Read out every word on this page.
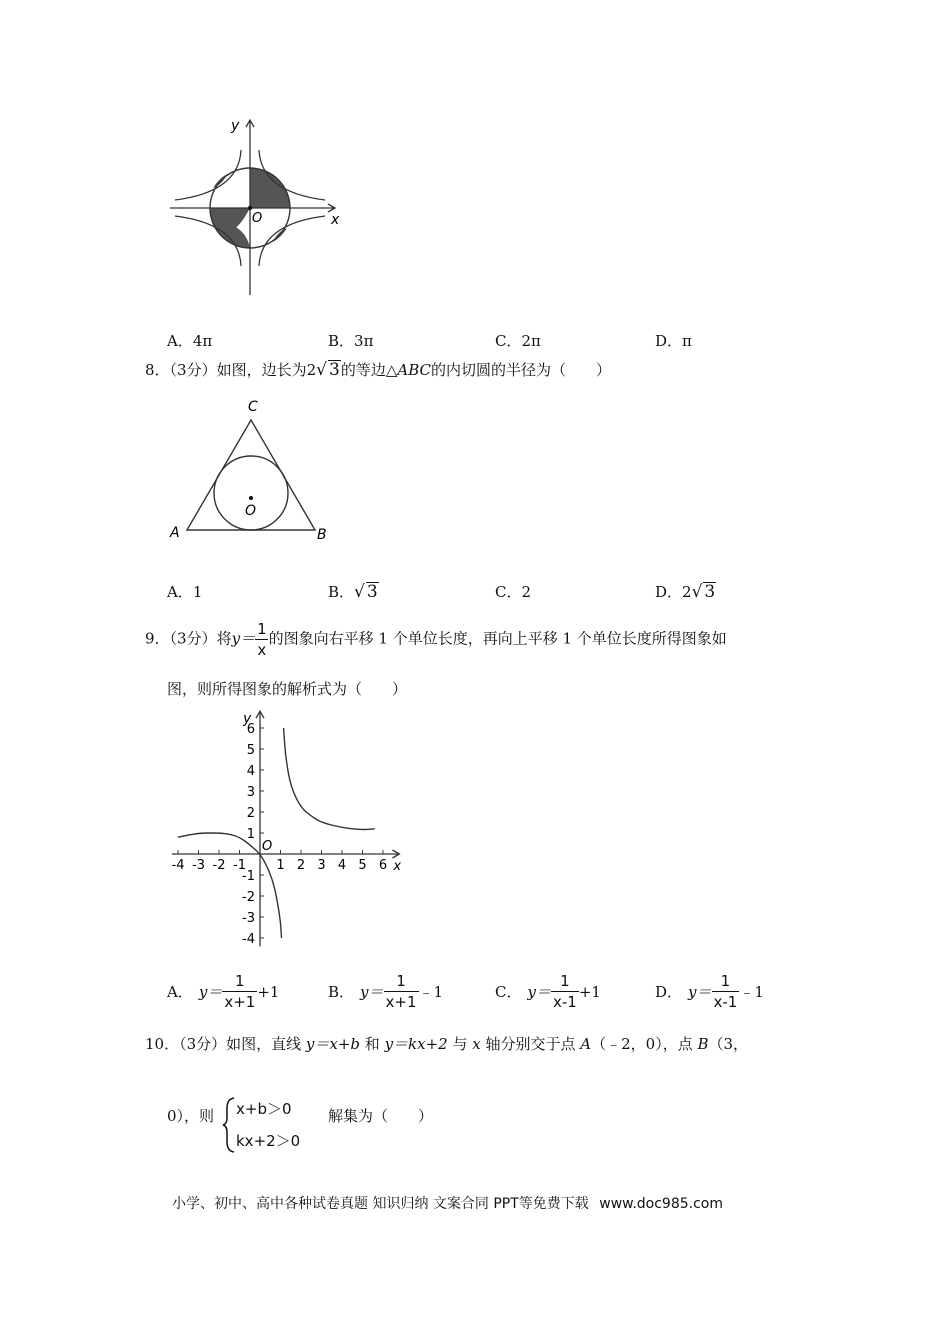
y
x
O
A．4π	B．3π	C．2π	D．π
8．（3分）如图，边长为2√ 3的等边△ABC的内切圆的半径为（　　）
A	B
C
O
A．1	B．√ 3	C．2	D．2√ 3
9．（3分）将$y= \frac{1}{x}$ 的图象向右平移 1 个单位长度，再向上平移 1 个单位长度所得图象如
图，则所得图象的解析式为（　　）
x
y
O
-4 -3 -2 -1 1 2 3 4 5 6
-4
-3
-2
-1
1
2
3
4
5
6
A． $y= \frac{1}{x+1} +1$	B． $y= \frac{1}{x+1}$ ﹣1	C． $y= \frac{1}{x-1} +1$	D． $y= \frac{1}{x-1}$ ﹣1
10．（3分）如图，直线 y＝x+b 和 y＝kx+2 与 x 轴分别交于点 A（﹣2，0），点 B（3，
0），则 x+b＞0
kx+2＞0
解集为（　　）
小学、初中、高中各种试卷真题 知识归纳 文案合同 PPT等免费下载 www.doc985.com
